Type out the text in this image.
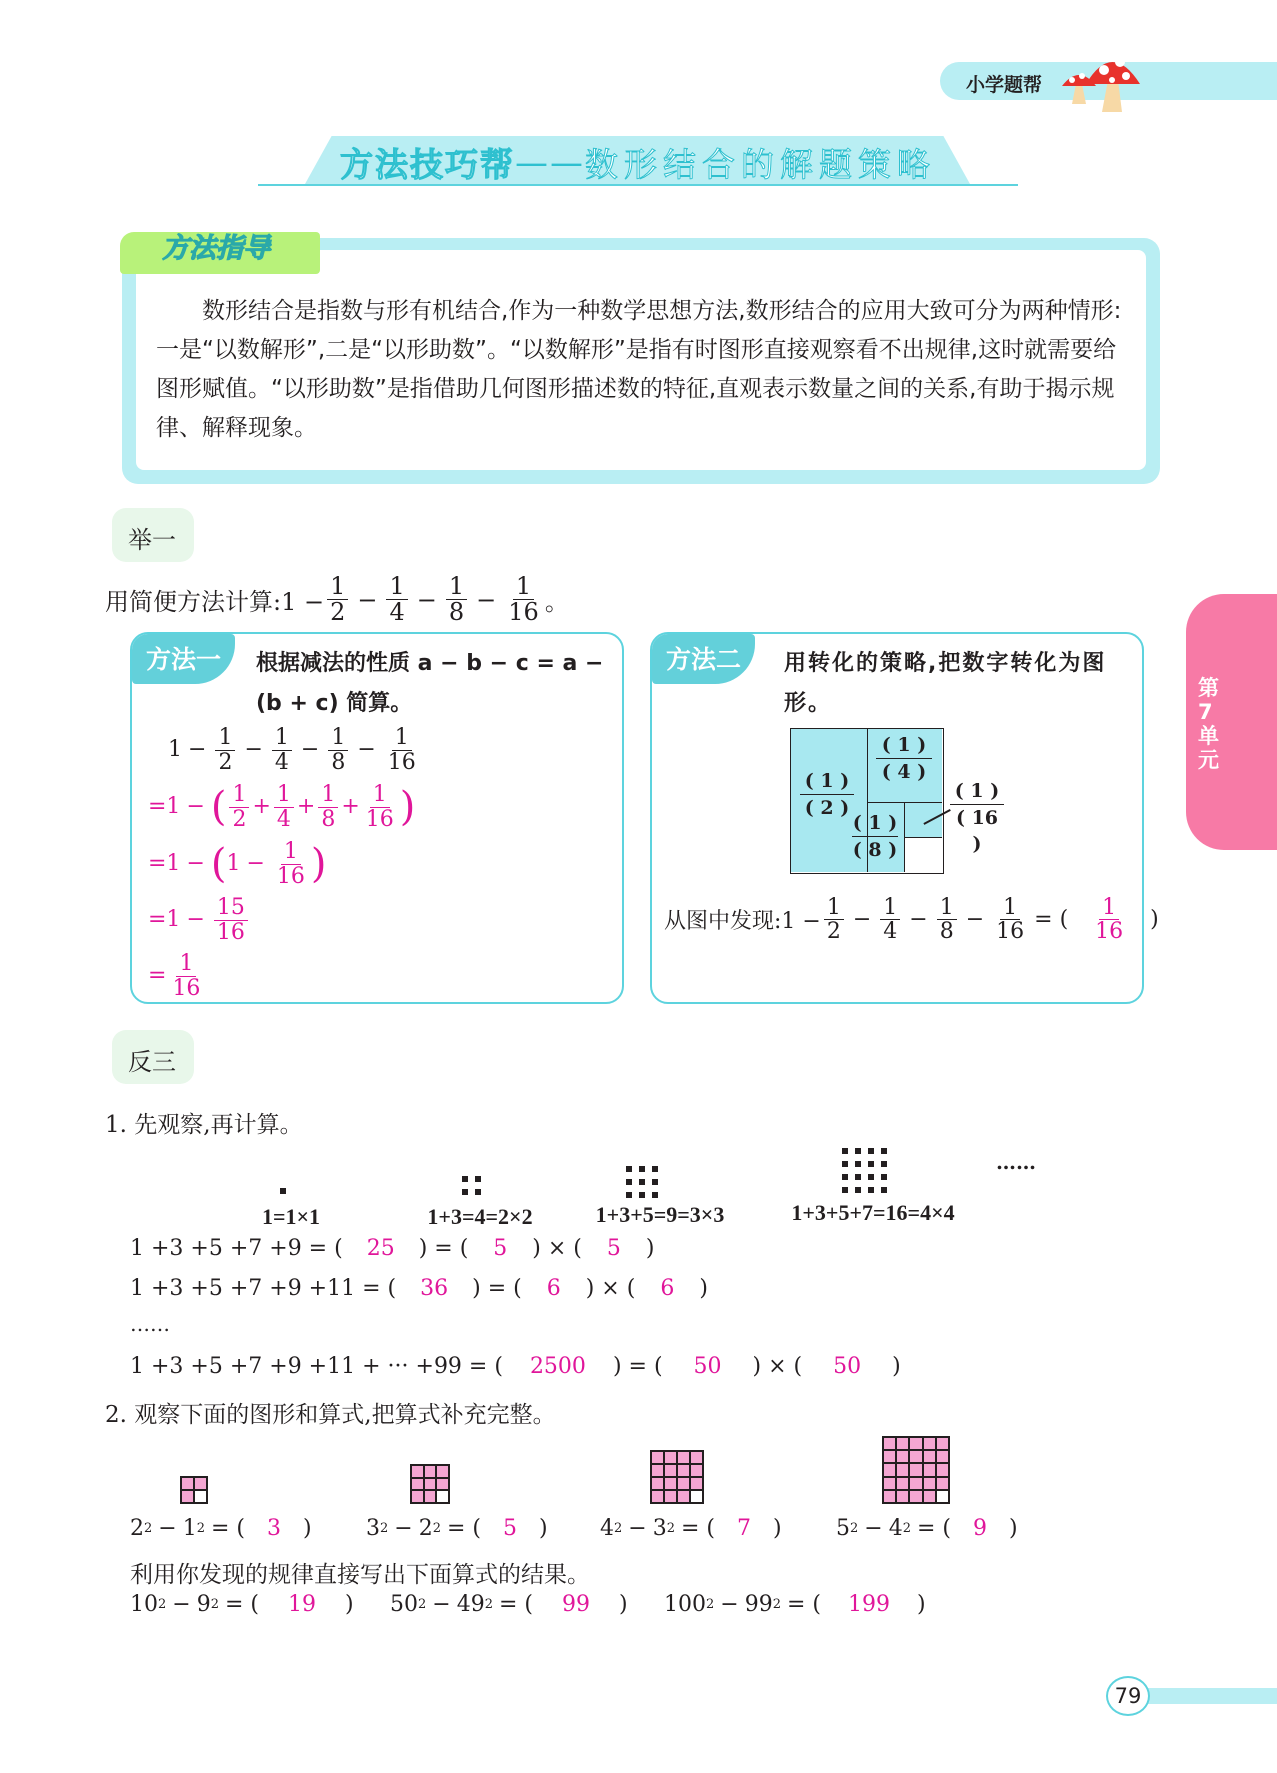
小学题帮
方法技巧帮 —— 数形结合的解题策略
方法指导
数形结合是指数与形有机结合,作为一种数学思想方法,数形结合的应用大致可分为两种情形:一是“以数解形”,二是“以形助数”。“以数解形”是指有时图形直接观察看不出规律,这时就需要给图形赋值。“以形助数”是指借助几何图形描述数的特征,直观表示数量之间的关系,有助于揭示规律、解释现象。
举一
用简便方法计算:1 − $\frac{1}{2} - \frac{1}{4} - \frac{1}{8} - \frac{1}{16}$ 。
方法一	根据减法的性质 a − b − c = a − (b + c) 简算。
$1 - \frac{1}{2} - \frac{1}{4} - \frac{1}{8} - \frac{1}{16}$
=1 − ( $\frac{1}{2} + \frac{1}{4} + \frac{1}{8} + \frac{1}{16}$ )
=1 − ( $1 - \frac{1}{16}$ )
$=1 - \frac{15}{16}$
= $\frac{1}{16}$
方法二	用转化的策略,把数字转化为图形。
( 1 )
( 2 )
( 1 )
( 4 )
( 1 )
( 8 )
( 1 )
( 16 )
从图中发现:1 − $\frac{1}{2} - \frac{1}{4} - \frac{1}{8} - \frac{1}{16}$ = ( $\frac{1}{16}$ )
反三
1. 先观察,再计算。
……
1=1×1	1+3=4=2×2	1+3+5=9=3×3	1+3+5+7=16=4×4
1 +3 +5 +7 +9 = (	25	) = (	5	) × (	5	)
1 +3 +5 +7 +9 +11 = (	36	) = (	6	) × (	6	)
……
1 +3 +5 +7 +9 +11 + ··· +99 = (	2500	) = (	50	) × (	50	)
2. 观察下面的图形和算式,把算式补充完整。
2 2 − 1 2 = (	3	) 3 2 − 2 2 = (	5	) 4 2 − 3 2 = (	7	) 5 2 − 4 2 = (	9	)
利用你发现的规律直接写出下面算式的结果。
10 2 − 9 2 = (	19	) 50 2 − 49 2 = (	99	) 100 2 − 99 2 = (	199	)
第7单元
79
